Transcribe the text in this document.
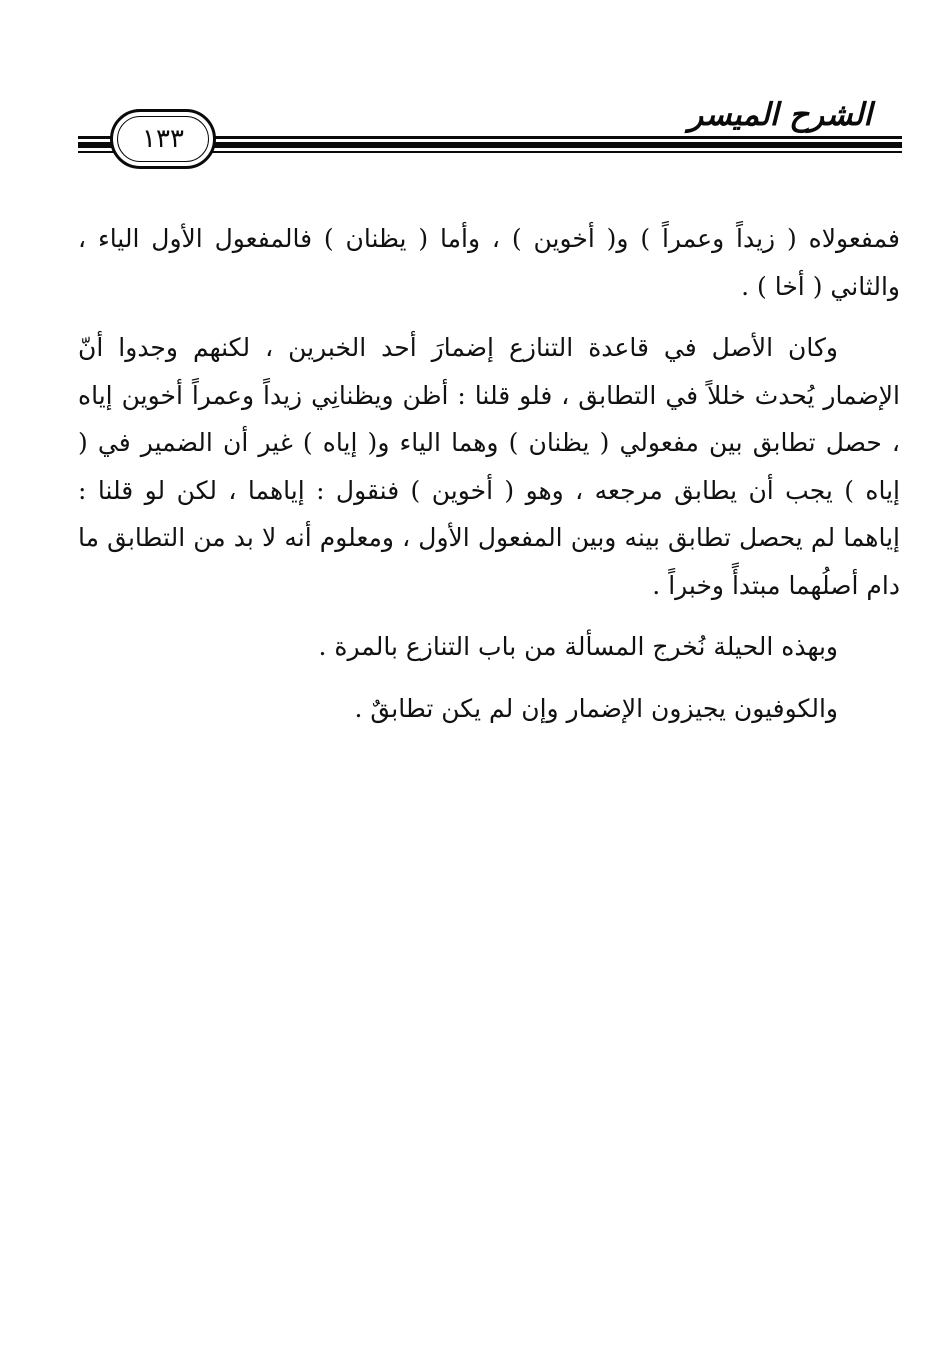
الشرح الميسر
١٣٣

فمفعولاه ( زيداً وعمراً ) و( أخوين ) ، وأما ( يظنان ) فالمفعول الأول الياء ، والثاني ( أخا ) .

وكان الأصل في قاعدة التنازع إضمارَ أحد الخبرين ، لكنهم وجدوا أنّ الإضمار يُحدث خللاً في التطابق ، فلو قلنا : أظن ويظنانِي زيداً وعمراً أخوين إياه ، حصل تطابق بين مفعولي ( يظنان ) وهما الياء و( إياه ) غير أن الضمير في ( إياه ) يجب أن يطابق مرجعه ، وهو ( أخوين ) فنقول : إياهما ، لكن لو قلنا : إياهما لم يحصل تطابق بينه وبين المفعول الأول ، ومعلوم أنه لا بد من التطابق ما دام أصلُهما مبتدأً وخبراً .

وبهذه الحيلة نُخرج المسألة من باب التنازع بالمرة .

والكوفيون يجيزون الإضمار وإن لم يكن تطابقٌ .
